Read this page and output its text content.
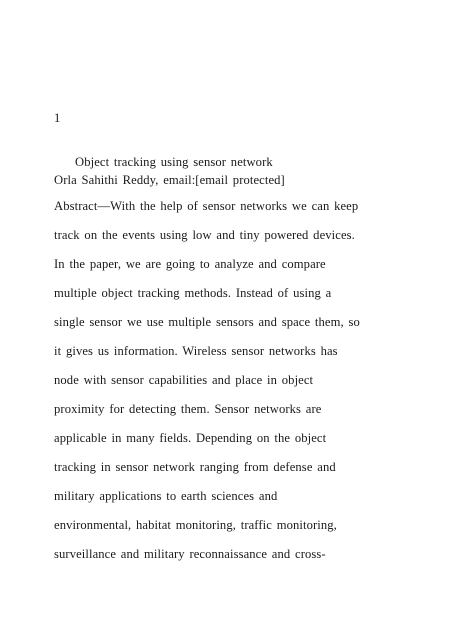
1
Object tracking using sensor network
Orla Sahithi Reddy, email:[email protected]
Abstract—With the help of sensor networks we can keep
track on the events using low and tiny powered devices.
In the paper, we are going to analyze and compare
multiple object tracking methods. Instead of using a
single sensor we use multiple sensors and space them, so
it gives us information. Wireless sensor networks has
node with sensor capabilities and place in object
proximity for detecting them. Sensor networks are
applicable in many fields. Depending on the object
tracking in sensor network ranging from defense and
military applications to earth sciences and
environmental, habitat monitoring, traffic monitoring,
surveillance and military reconnaissance and cross-
